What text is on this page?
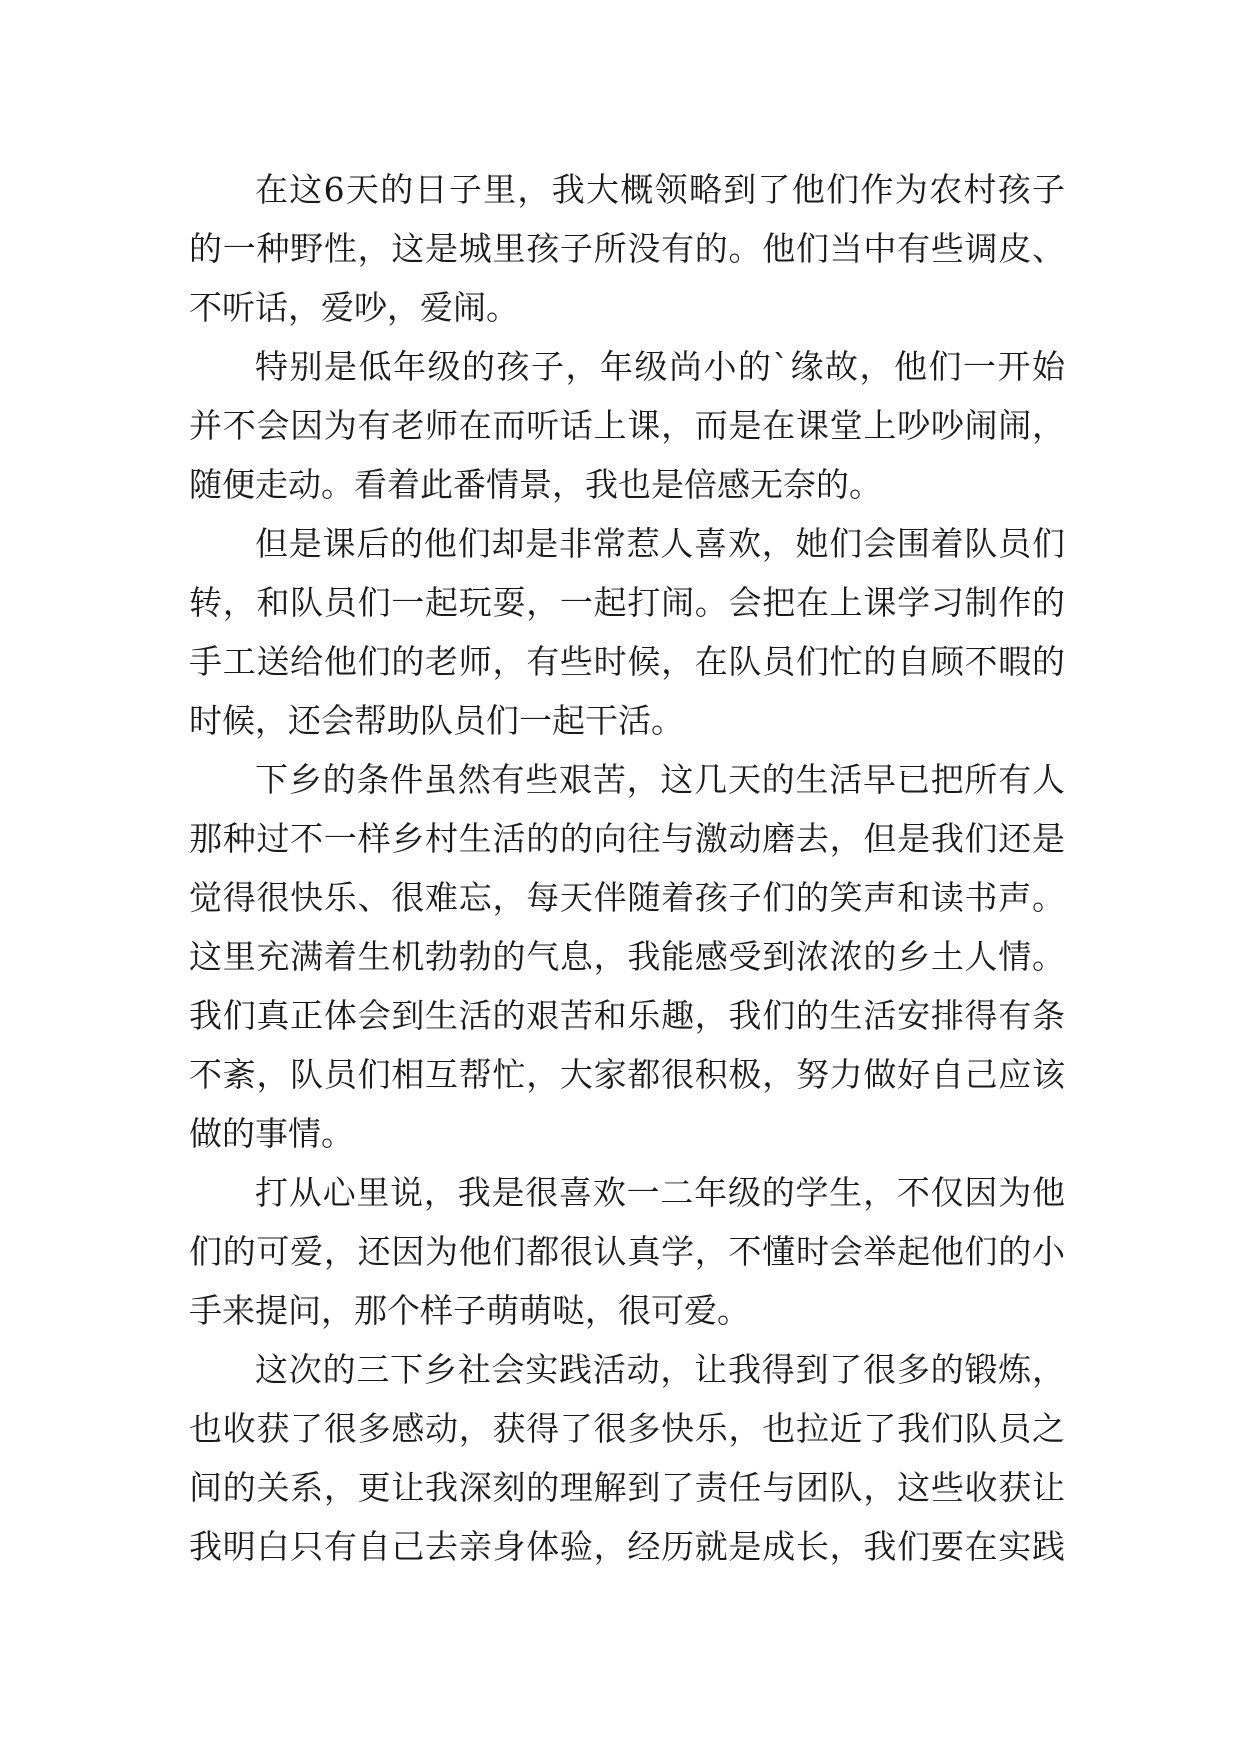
在这6天的日子里，我大概领略到了他们作为农村孩子
的一种野性，这是城里孩子所没有的。他们当中有些调皮、
不听话，爱吵，爱闹。
特别是低年级的孩子，年级尚小的`缘故，他们一开始
并不会因为有老师在而听话上课，而是在课堂上吵吵闹闹，
随便走动。看着此番情景，我也是倍感无奈的。
但是课后的他们却是非常惹人喜欢，她们会围着队员们
转，和队员们一起玩耍，一起打闹。会把在上课学习制作的
手工送给他们的老师，有些时候，在队员们忙的自顾不暇的
时候，还会帮助队员们一起干活。
下乡的条件虽然有些艰苦，这几天的生活早已把所有人
那种过不一样乡村生活的的向往与激动磨去，但是我们还是
觉得很快乐、很难忘，每天伴随着孩子们的笑声和读书声。
这里充满着生机勃勃的气息，我能感受到浓浓的乡土人情。
我们真正体会到生活的艰苦和乐趣，我们的生活安排得有条
不紊，队员们相互帮忙，大家都很积极，努力做好自己应该
做的事情。
打从心里说，我是很喜欢一二年级的学生，不仅因为他
们的可爱，还因为他们都很认真学，不懂时会举起他们的小
手来提问，那个样子萌萌哒，很可爱。
这次的三下乡社会实践活动，让我得到了很多的锻炼，
也收获了很多感动，获得了很多快乐，也拉近了我们队员之
间的关系，更让我深刻的理解到了责任与团队，这些收获让
我明白只有自己去亲身体验，经历就是成长，我们要在实践
